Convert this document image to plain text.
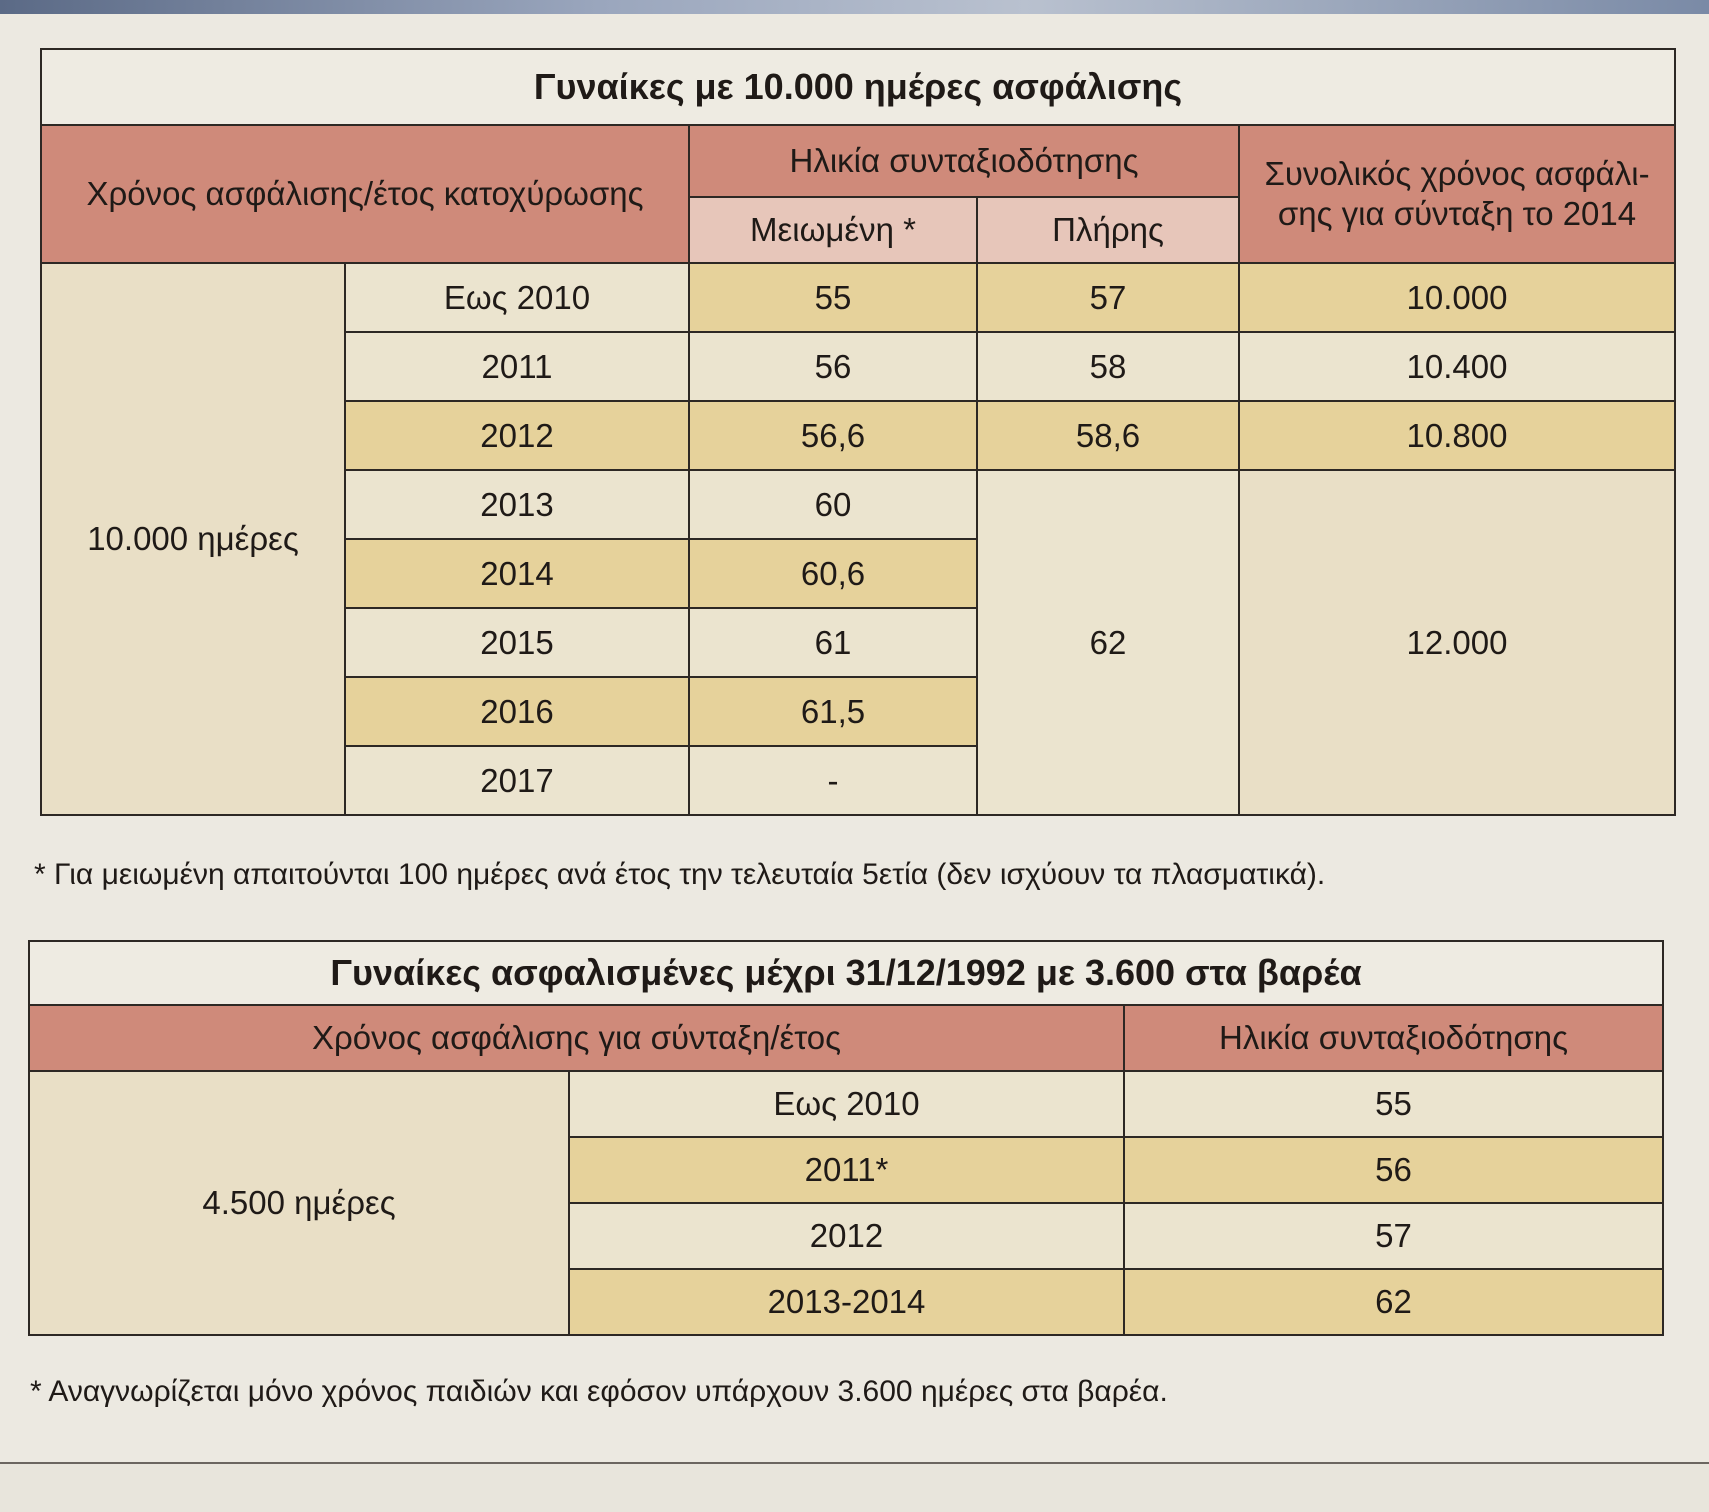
Γυναίκες με 10.000 ημέρες ασφάλισης				
Χρόνος ασφάλισης/έτος κατοχύρωσης		Ηλικία συνταξιοδότησης		Συνολικός χρόνος ασφάλι-σης για σύνταξη το 2014
		Μειωμένη *	Πλήρης	
10.000 ημέρες	Εως 2010	55	57	10.000
	2011	56	58	10.400
	2012	56,6	58,6	10.800
	2013	60	62	12.000
	2014	60,6		
	2015	61		
	2016	61,5		
	2017	-		
* Για μειωμένη απαιτούνται 100 ημέρες ανά έτος την τελευταία 5ετία (δεν ισχύουν τα πλασματικά).
Γυναίκες ασφαλισμένες μέχρι 31/12/1992 με 3.600 στα βαρέα		
Χρόνος ασφάλισης για σύνταξη/έτος		Ηλικία συνταξιοδότησης
4.500 ημέρες	Εως 2010	55
	2011*	56
	2012	57
	2013-2014	62
* Αναγνωρίζεται μόνο χρόνος παιδιών και εφόσον υπάρχουν 3.600 ημέρες στα βαρέα.
